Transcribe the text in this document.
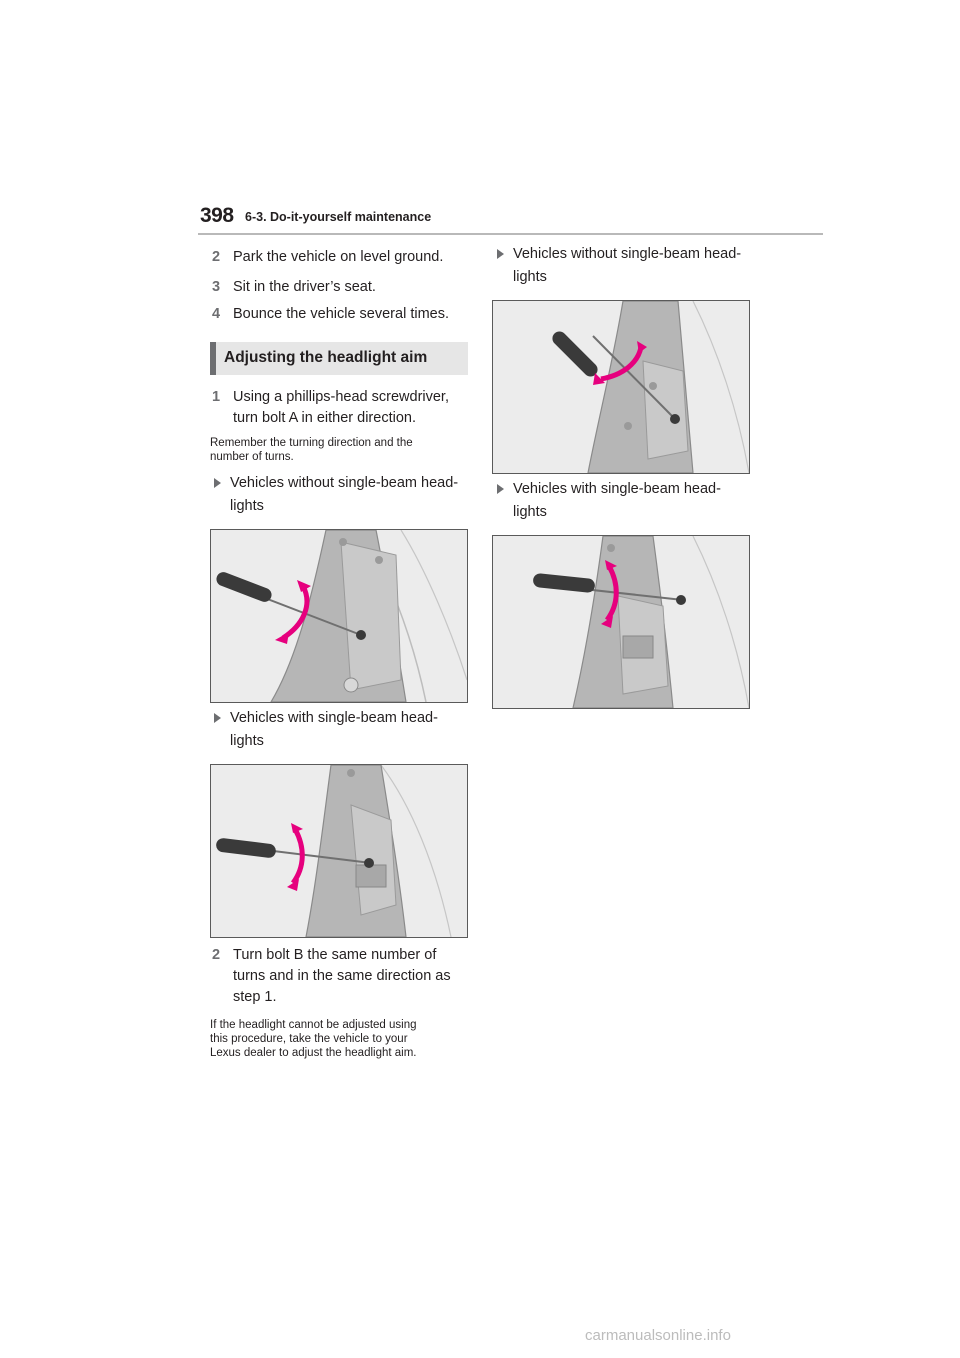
398 6-3. Do-it-yourself maintenance
2 Park the vehicle on level ground.
3 Sit in the driver’s seat.
4 Bounce the vehicle several times.
Adjusting the headlight aim
1 Using a phillips-head screwdriver,
turn bolt A in either direction.
Remember the turning direction and the
number of turns.
Vehicles without single-beam head-
lights
Vehicles with single-beam head-
lights
2 Turn bolt B the same number of
turns and in the same direction as
step 1.
If the headlight cannot be adjusted using
this procedure, take the vehicle to your
Lexus dealer to adjust the headlight aim.
Vehicles without single-beam head-
lights
Vehicles with single-beam head-
lights
carmanualsonline.info
